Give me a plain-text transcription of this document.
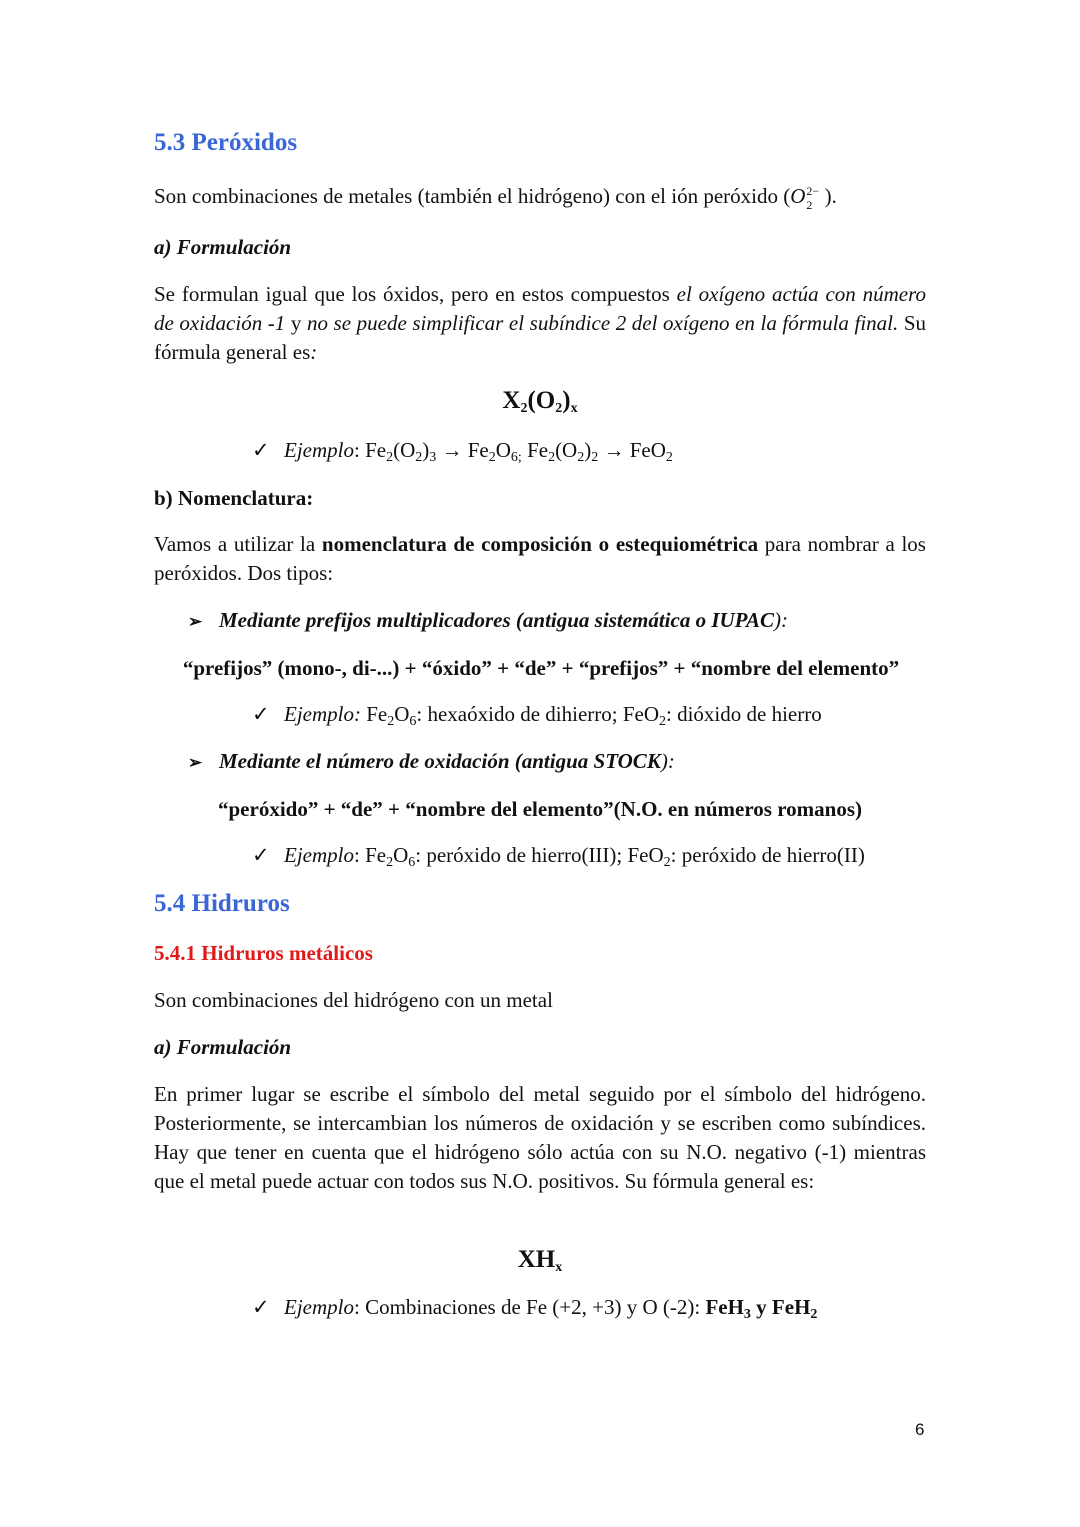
5.3 Peróxidos
Son combinaciones de metales (también el hidrógeno) con el ión peróxido (O 2−
2 ).
a) Formulación
Se formulan igual que los óxidos, pero en estos compuestos el oxígeno actúa con número de oxidación -1 y no se puede simplificar el subíndice 2 del oxígeno en la fórmula final. Su fórmula general es:
$X_2(O_2)_x$
✓ Ejemplo: $Fe_2(O_2)_3 \to Fe_2O_{6;}$ $Fe_2(O_2)_2 \to FeO_2$
b) Nomenclatura:
Vamos a utilizar la nomenclatura de composición o estequiométrica para nombrar a los peróxidos. Dos tipos:
➢ Mediante prefijos multiplicadores (antigua sistemática o IUPAC):
“prefijos” (mono-, di-...) + “óxido” + “de” + “prefijos” + “nombre del elemento”
✓ Ejemplo: $Fe_2O_6$: hexaóxido de dihierro; FeO$_2$: dióxido de hierro
➢ Mediante el número de oxidación (antigua STOCK):
“peróxido” + “de” + “nombre del elemento”(N.O. en números romanos)
✓ Ejemplo: $Fe_2O_6$: peróxido de hierro(III); FeO$_2$: peróxido de hierro(II)
5.4 Hidruros
5.4.1 Hidruros metálicos
Son combinaciones del hidrógeno con un metal
a) Formulación
En primer lugar se escribe el símbolo del metal seguido por el símbolo del hidrógeno. Posteriormente, se intercambian los números de oxidación y se escriben como subíndices. Hay que tener en cuenta que el hidrógeno sólo actúa con su N.O. negativo (-1) mientras que el metal puede actuar con todos sus N.O. positivos. Su fórmula general es:
$XH_x$
✓ Ejemplo: Combinaciones de Fe (+2, +3) y O (-2): FeH$_3$ y FeH$_2$
6
